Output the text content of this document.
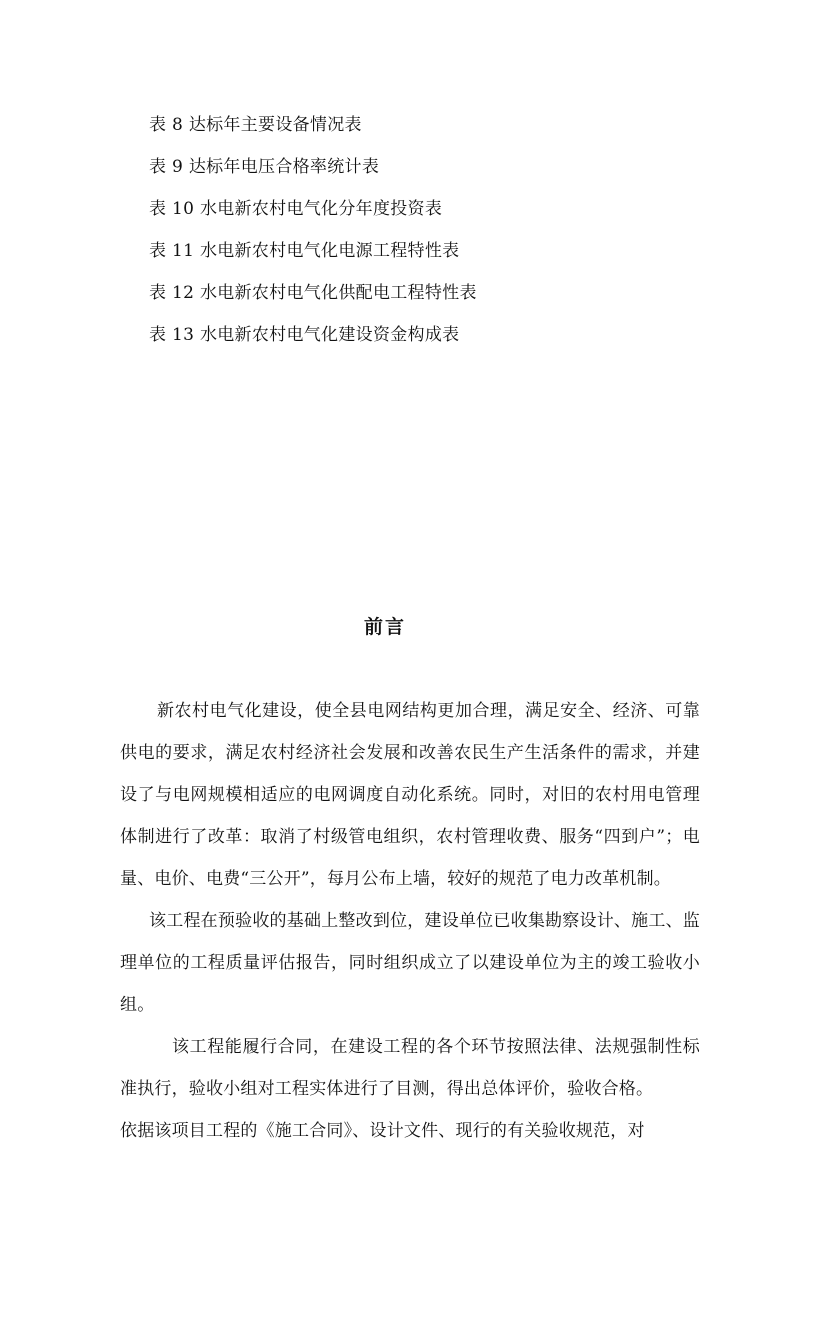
表 8 达标年主要设备情况表
表 9 达标年电压合格率统计表
表 10 水电新农村电气化分年度投资表
表 11 水电新农村电气化电源工程特性表
表 12 水电新农村电气化供配电工程特性表
表 13 水电新农村电气化建设资金构成表
前言

新农村电气化建设，使全县电网结构更加合理，满足安全、经济、可靠供电的要求，满足农村经济社会发展和改善农民生产生活条件的需求，并建设了与电网规模相适应的电网调度自动化系统。同时，对旧的农村用电管理体制进行了改革：取消了村级管电组织，农村管理收费、服务“四到户”；电量、电价、电费“三公开”，每月公布上墙，较好的规范了电力改革机制。

该工程在预验收的基础上整改到位，建设单位已收集勘察设计、施工、监理单位的工程质量评估报告，同时组织成立了以建设单位为主的竣工验收小组。

该工程能履行合同，在建设工程的各个环节按照法律、法规强制性标准执行，验收小组对工程实体进行了目测，得出总体评价，验收合格。

依据该项目工程的《施工合同》、设计文件、现行的有关验收规范，对
